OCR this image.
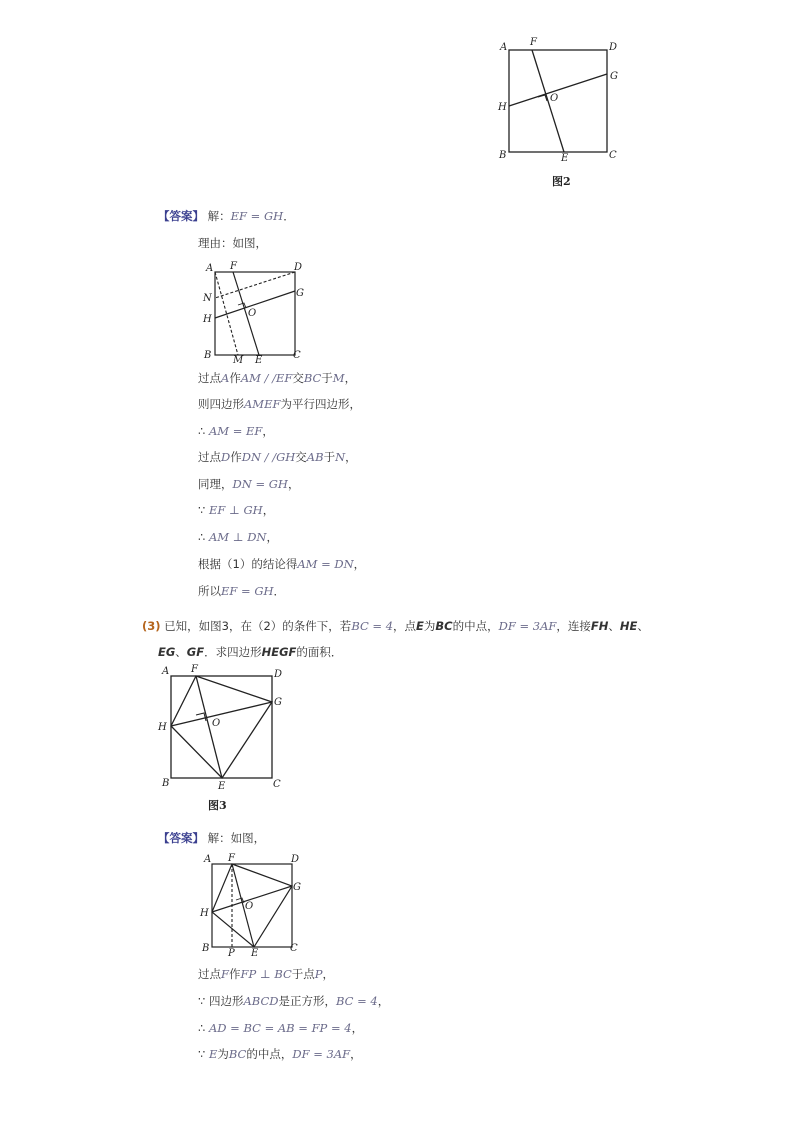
A F	D
G
H
O
B	E	C
图2
【答案】 解：EF = GH．
理由：如图，
A F	D
G
N
O
H
B M E	C
过点A作AM / /EF交BC于M，
则四边形AMEF为平行四边形，
∴ AM = EF，
过点D作DN / /GH交AB于N，
同理，DN = GH，
∵ EF ⊥ GH，
∴ AM ⊥ DN，
根据（1）的结论得AM = DN，
所以EF = GH．
(3) 已知，如图3，在（2）的条件下，若BC = 4，点E为BC的中点，DF = 3AF，连接FH、HE、
EG、GF．求四边形HEGF的面积．
A F	D
G
H	O
B	E	C
图3
【答案】 解：如图，
A F	D
G
H
O
B P E	C
过点F作FP ⊥ BC于点P，
∵ 四边形ABCD是正方形，BC = 4，
∴ AD = BC = AB = FP = 4，
∵ E为BC的中点，DF = 3AF，
